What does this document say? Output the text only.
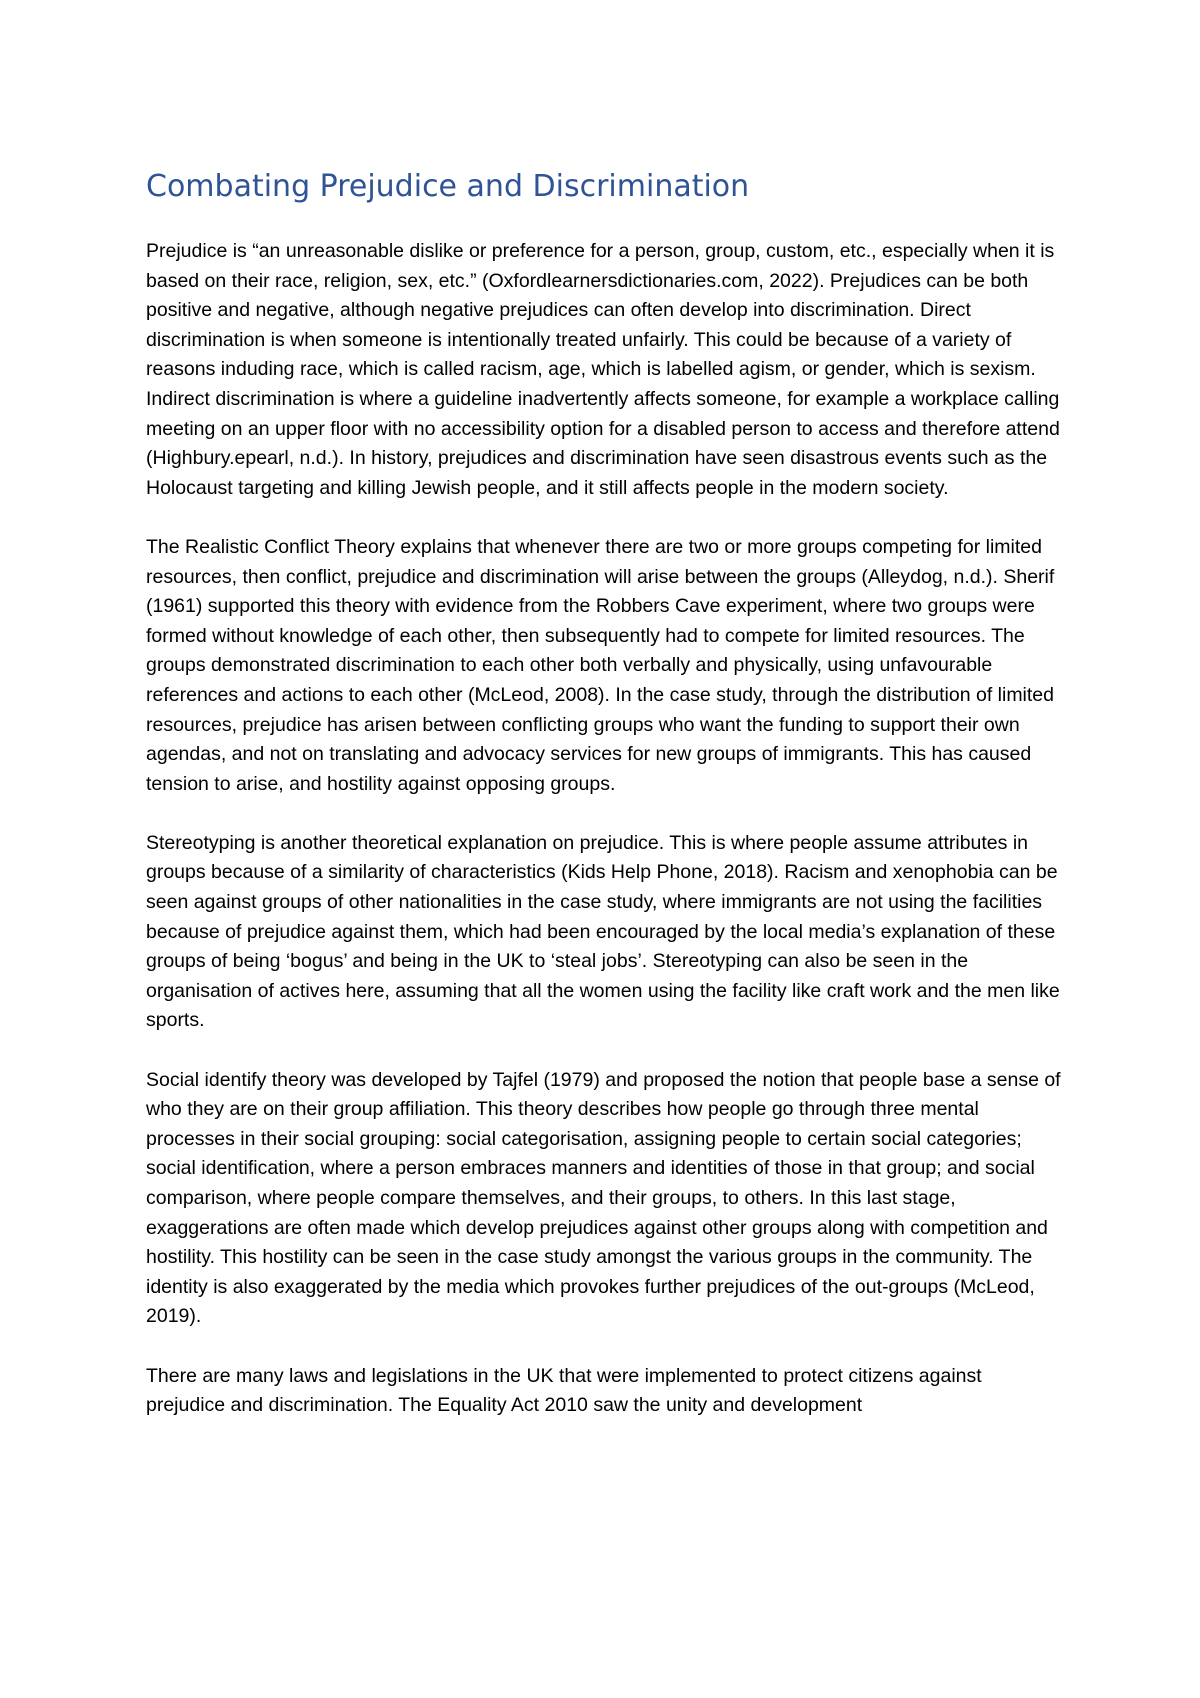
Combating Prejudice and Discrimination

Prejudice is “an unreasonable dislike or preference for a person, group, custom, etc., especially when it is based on their race, religion, sex, etc.” (Oxfordlearnersdictionaries.com, 2022). Prejudices can be both positive and negative, although negative prejudices can often develop into discrimination. Direct discrimination is when someone is intentionally treated unfairly. This could be because of a variety of reasons induding race, which is called racism, age, which is labelled agism, or gender, which is sexism. Indirect discrimination is where a guideline inadvertently affects someone, for example a workplace calling meeting on an upper floor with no accessibility option for a disabled person to access and therefore attend (Highbury.epearl, n.d.). In history, prejudices and discrimination have seen disastrous events such as the Holocaust targeting and killing Jewish people, and it still affects people in the modern society.

The Realistic Conflict Theory explains that whenever there are two or more groups competing for limited resources, then conflict, prejudice and discrimination will arise between the groups (Alleydog, n.d.). Sherif (1961) supported this theory with evidence from the Robbers Cave experiment, where two groups were formed without knowledge of each other, then subsequently had to compete for limited resources. The groups demonstrated discrimination to each other both verbally and physically, using unfavourable references and actions to each other (McLeod, 2008). In the case study, through the distribution of limited resources, prejudice has arisen between conflicting groups who want the funding to support their own agendas, and not on translating and advocacy services for new groups of immigrants. This has caused tension to arise, and hostility against opposing groups.

Stereotyping is another theoretical explanation on prejudice. This is where people assume attributes in groups because of a similarity of characteristics (Kids Help Phone, 2018). Racism and xenophobia can be seen against groups of other nationalities in the case study, where immigrants are not using the facilities because of prejudice against them, which had been encouraged by the local media’s explanation of these groups of being ‘bogus’ and being in the UK to ‘steal jobs’. Stereotyping can also be seen in the organisation of actives here, assuming that all the women using the facility like craft work and the men like sports.

Social identify theory was developed by Tajfel (1979) and proposed the notion that people base a sense of who they are on their group affiliation. This theory describes how people go through three mental processes in their social grouping: social categorisation, assigning people to certain social categories; social identification, where a person embraces manners and identities of those in that group; and social comparison, where people compare themselves, and their groups, to others. In this last stage, exaggerations are often made which develop prejudices against other groups along with competition and hostility. This hostility can be seen in the case study amongst the various groups in the community. The identity is also exaggerated by the media which provokes further prejudices of the out-groups (McLeod, 2019).

There are many laws and legislations in the UK that were implemented to protect citizens against prejudice and discrimination. The Equality Act 2010 saw the unity and development
